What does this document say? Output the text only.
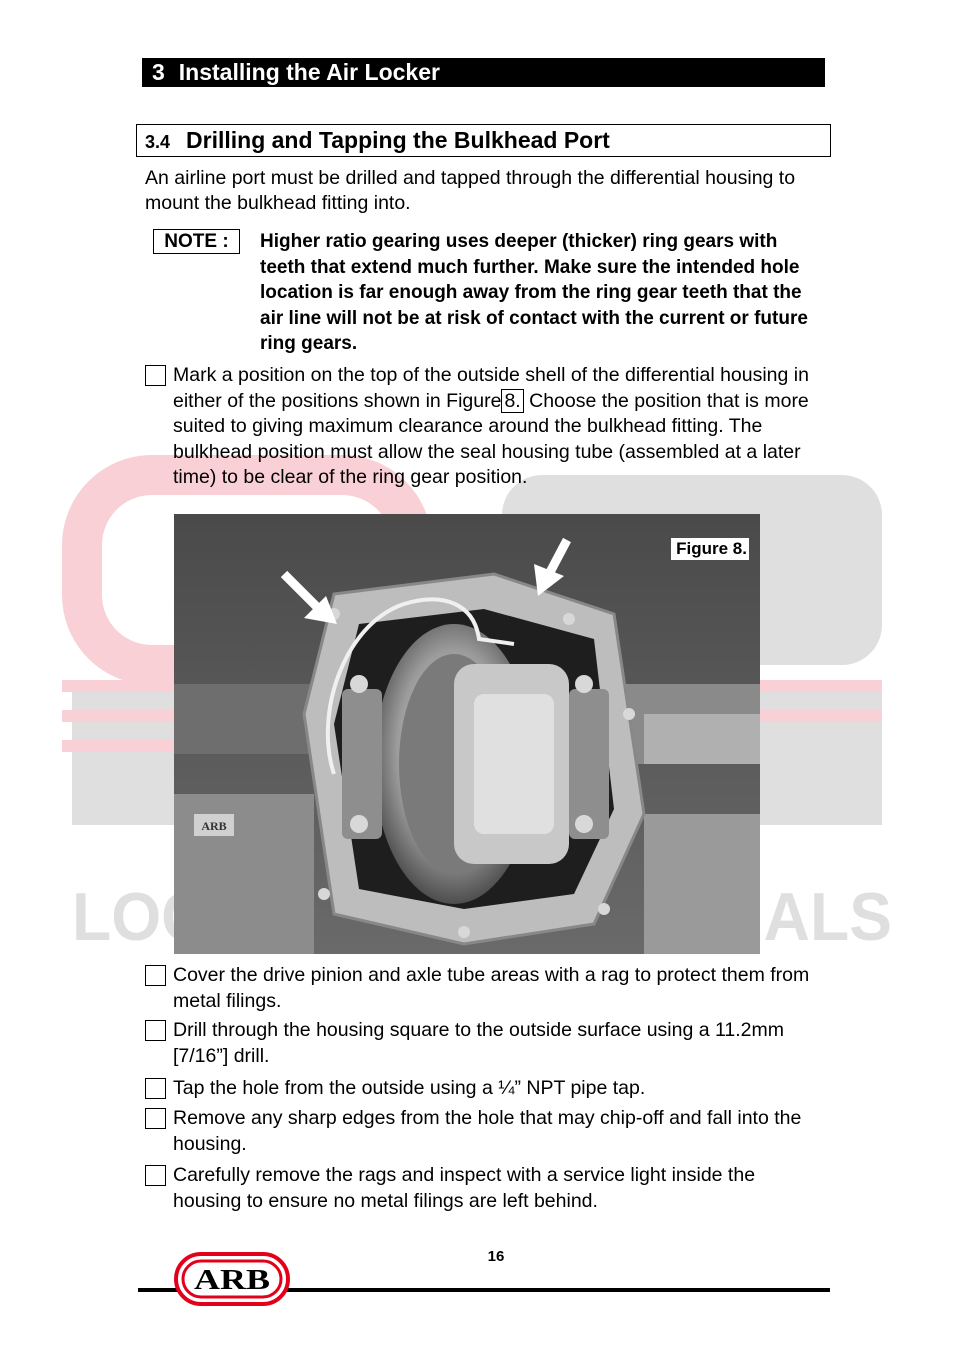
3 Installing the Air Locker
3.4 Drilling and Tapping the Bulkhead Port

An airline port must be drilled and tapped through the differential housing to mount the bulkhead fitting into.

NOTE :	Higher ratio gearing uses deeper (thicker) ring gears with teeth that extend much further. Make sure the intended hole location is far enough away from the ring gear teeth that the air line will not be at risk of contact with the current or future ring gears.

Mark a position on the top of the outside shell of the differential housing in either of the positions shown in Figure 8. Choose the position that is more suited to giving maximum clearance around the bulkhead fitting. The bulkhead position must allow the seal housing tube (assembled at a later time) to be clear of the ring gear position.
ARB
Figure 8.
Cover the drive pinion and axle tube areas with a rag to protect them from metal filings.
Drill through the housing square to the outside surface using a 11.2mm [7/16”] drill.
Tap the hole from the outside using a ¼” NPT pipe tap.
Remove any sharp edges from the hole that may chip-off and fall into the housing.
Carefully remove the rags and inspect with a service light inside the housing to ensure no metal filings are left behind.
16
ARB
